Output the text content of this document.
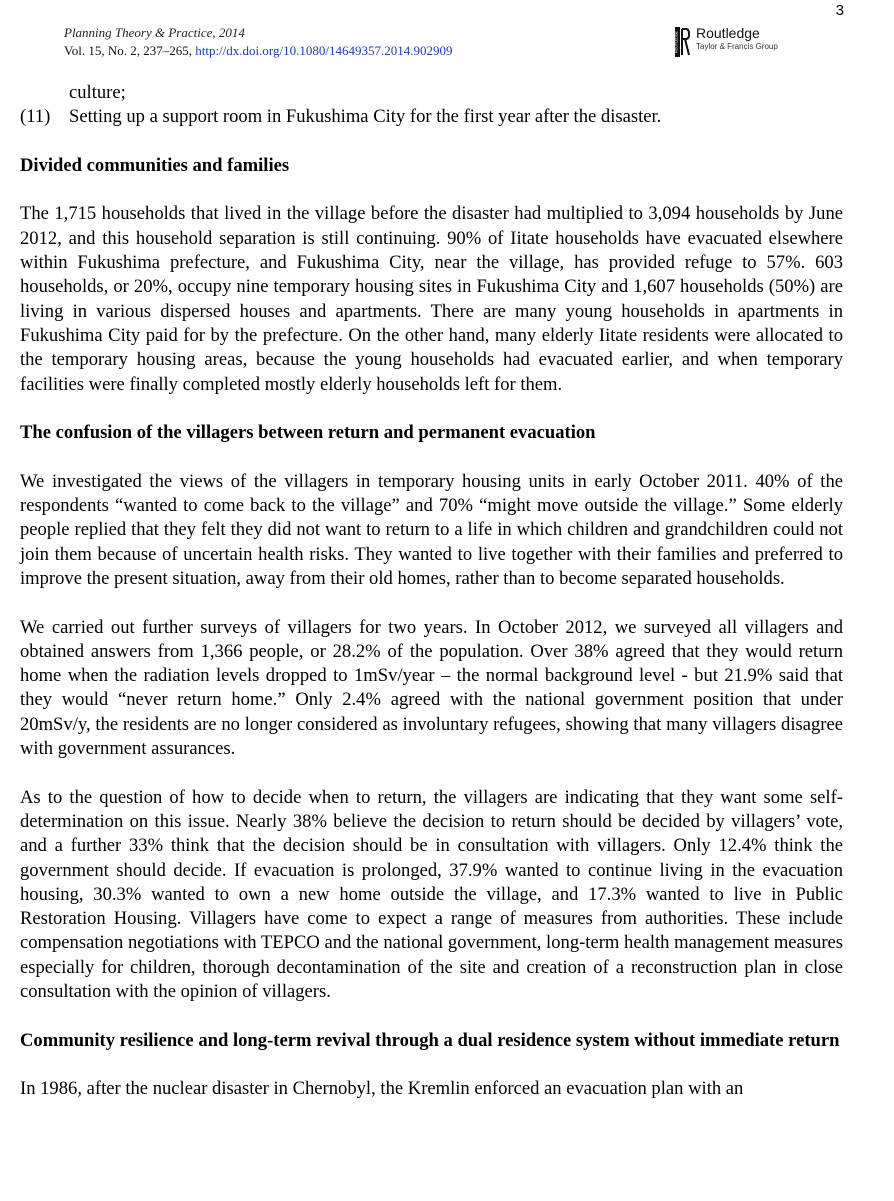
3
Planning Theory & Practice, 2014
Vol. 15, No. 2, 237–265, http://dx.doi.org/10.1080/14649357.2014.902909	ROUTLEDGE Routledge
Taylor & Francis Group

culture;

(11)	Setting up a support room in Fukushima City for the first year after the disaster.

Divided communities and families

The 1,715 households that lived in the village before the disaster had multiplied to 3,094 households by June 2012, and this household separation is still continuing. 90% of Iitate households have evacuated elsewhere within Fukushima prefecture, and Fukushima City, near the village, has provided refuge to 57%. 603 households, or 20%, occupy nine temporary housing sites in Fukushima City and 1,607 households (50%) are living in various dispersed houses and apartments. There are many young households in apartments in Fukushima City paid for by the prefecture. On the other hand, many elderly Iitate residents were allocated to the temporary housing areas, because the young households had evacuated earlier, and when temporary facilities were finally completed mostly elderly households left for them.

The confusion of the villagers between return and permanent evacuation

We investigated the views of the villagers in temporary housing units in early October 2011. 40% of the respondents “wanted to come back to the village” and 70% “might move outside the village.” Some elderly people replied that they felt they did not want to return to a life in which children and grandchildren could not join them because of uncertain health risks. They wanted to live together with their families and preferred to improve the present situation, away from their old homes, rather than to become separated households.

We carried out further surveys of villagers for two years. In October 2012, we surveyed all villagers and obtained answers from 1,366 people, or 28.2% of the population. Over 38% agreed that they would return home when the radiation levels dropped to 1mSv/year – the normal background level - but 21.9% said that they would “never return home.” Only 2.4% agreed with the national government position that under 20mSv/y, the residents are no longer considered as involuntary refugees, showing that many villagers disagree with government assurances.

As to the question of how to decide when to return, the villagers are indicating that they want some self-determination on this issue. Nearly 38% believe the decision to return should be decided by villagers’ vote, and a further 33% think that the decision should be in consultation with villagers. Only 12.4% think the government should decide. If evacuation is prolonged, 37.9% wanted to continue living in the evacuation housing, 30.3% wanted to own a new home outside the village, and 17.3% wanted to live in Public Restoration Housing. Villagers have come to expect a range of measures from authorities. These include compensation negotiations with TEPCO and the national government, long-term health management measures especially for children, thorough decontamination of the site and creation of a reconstruction plan in close consultation with the opinion of villagers.

Community resilience and long-term revival through a dual residence system without immediate return

In 1986, after the nuclear disaster in Chernobyl, the Kremlin enforced an evacuation plan with an
